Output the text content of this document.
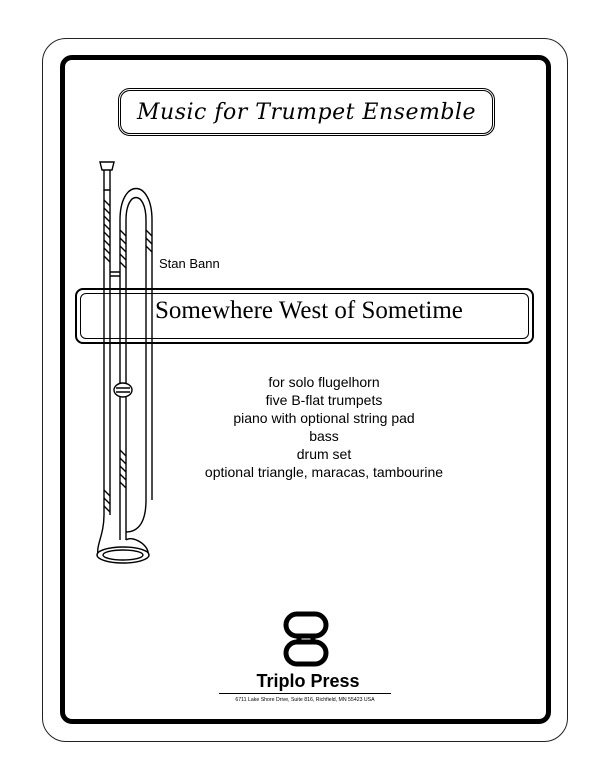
Music for Trumpet Ensemble
Stan Bann
Somewhere West of Sometime
for solo flugelhorn
five B-flat trumpets
piano with optional string pad
bass
drum set
optional triangle, maracas, tambourine
Triplo Press
6711 Lake Shore Drive, Suite 816, Richfield, MN 55423 USA
